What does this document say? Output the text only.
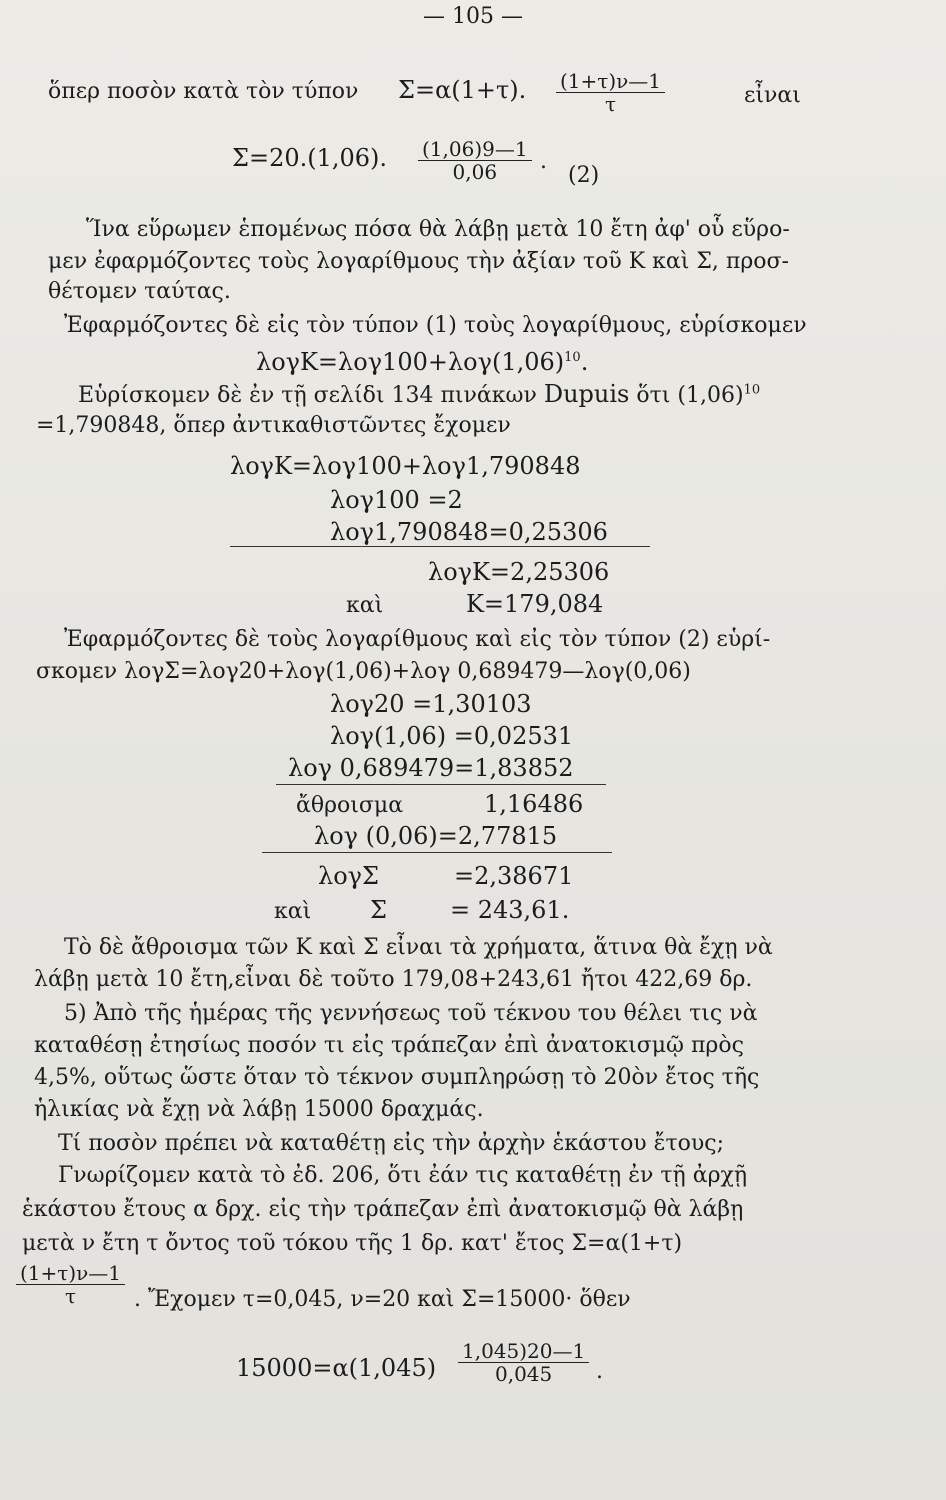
— 105 —
ὅπερ ποσὸν κατὰ τὸν τύπον Σ=α(1+τ). $\frac{(1+\tau)\nu—1}{\tau}$	εἶναι
Σ=20.(1,06). $\frac{(1,06)9—1}{0,06}$ .
(2)
Ἵνα εὕρωμεν ἑπομένως πόσα θὰ λάβῃ μετὰ 10 ἔτη ἀφ' οὗ εὕρο-
μεν ἐφαρμόζοντες τοὺς λογαρίθμους τὴν ἀξίαν τοῦ Κ καὶ Σ, προσ-
θέτομεν ταύτας.
Ἐφαρμόζοντες δὲ εἰς τὸν τύπον (1) τοὺς λογαρίθμους, εὑρίσκομεν
$\lambda o\gamma K=\lambda o\gamma 100+\lambda o\gamma(1,06)^{10}$.
Εὑρίσκομεν δὲ ἐν τῇ σελίδι 134 πινάκων Dupuis ὅτι $(1,06)^{10}$
=1,790848, ὅπερ ἀντικαθιστῶντες ἔχομεν
λογΚ=λογ100+λογ1,790848
λογ100 =2
λογ1,790848=0,25306
λογΚ=2,25306
καὶ	Κ=179,084
Ἐφαρμόζοντες δὲ τοὺς λογαρίθμους καὶ εἰς τὸν τύπον (2) εὑρί-
σκομεν λογΣ=λογ20+λογ(1,06)+λογ 0,689479—λογ(0,06)
λογ20 =1,30103
λογ(1,06) =0,02531
λογ 0,689479=1,83852
ἄθροισμα	1,16486
λογ (0,06)=2,77815
λογΣ	=2,38671
καὶ Σ	= 243,61.
Τὸ δὲ ἄθροισμα τῶν Κ καὶ Σ εἶναι τὰ χρήματα, ἅτινα θὰ ἔχῃ νὰ
λάβῃ μετὰ 10 ἔτη,εἶναι δὲ τοῦτο 179,08+243,61 ἤτοι 422,69 δρ.
5) Ἀπὸ τῆς ἡμέρας τῆς γεννήσεως τοῦ τέκνου του θέλει τις νὰ
καταθέσῃ ἐτησίως ποσόν τι εἰς τράπεζαν ἐπὶ ἀνατοκισμῷ πρὸς
4,5%, οὕτως ὥστε ὅταν τὸ τέκνον συμπληρώσῃ τὸ 20ὸν ἔτος τῆς
ἡλικίας νὰ ἔχῃ νὰ λάβῃ 15000 δραχμάς.
Τί ποσὸν πρέπει νὰ καταθέτῃ εἰς τὴν ἀρχὴν ἑκάστου ἔτους;
Γνωρίζομεν κατὰ τὸ ἐδ. 206, ὅτι ἐάν τις καταθέτῃ ἐν τῇ ἀρχῇ
ἑκάστου ἔτους α δρχ. εἰς τὴν τράπεζαν ἐπὶ ἀνατοκισμῷ θὰ λάβῃ
μετὰ ν ἔτη τ ὄντος τοῦ τόκου τῆς 1 δρ. κατ' ἔτος Σ=α(1+τ)
$\frac{(1+\tau)\nu—1}{\tau}$ . Ἔχομεν τ=0,045, ν=20 καὶ Σ=15000· ὅθεν
$15000=\alpha(1,045) \frac{1,045)20—1}{0,045}$ .
